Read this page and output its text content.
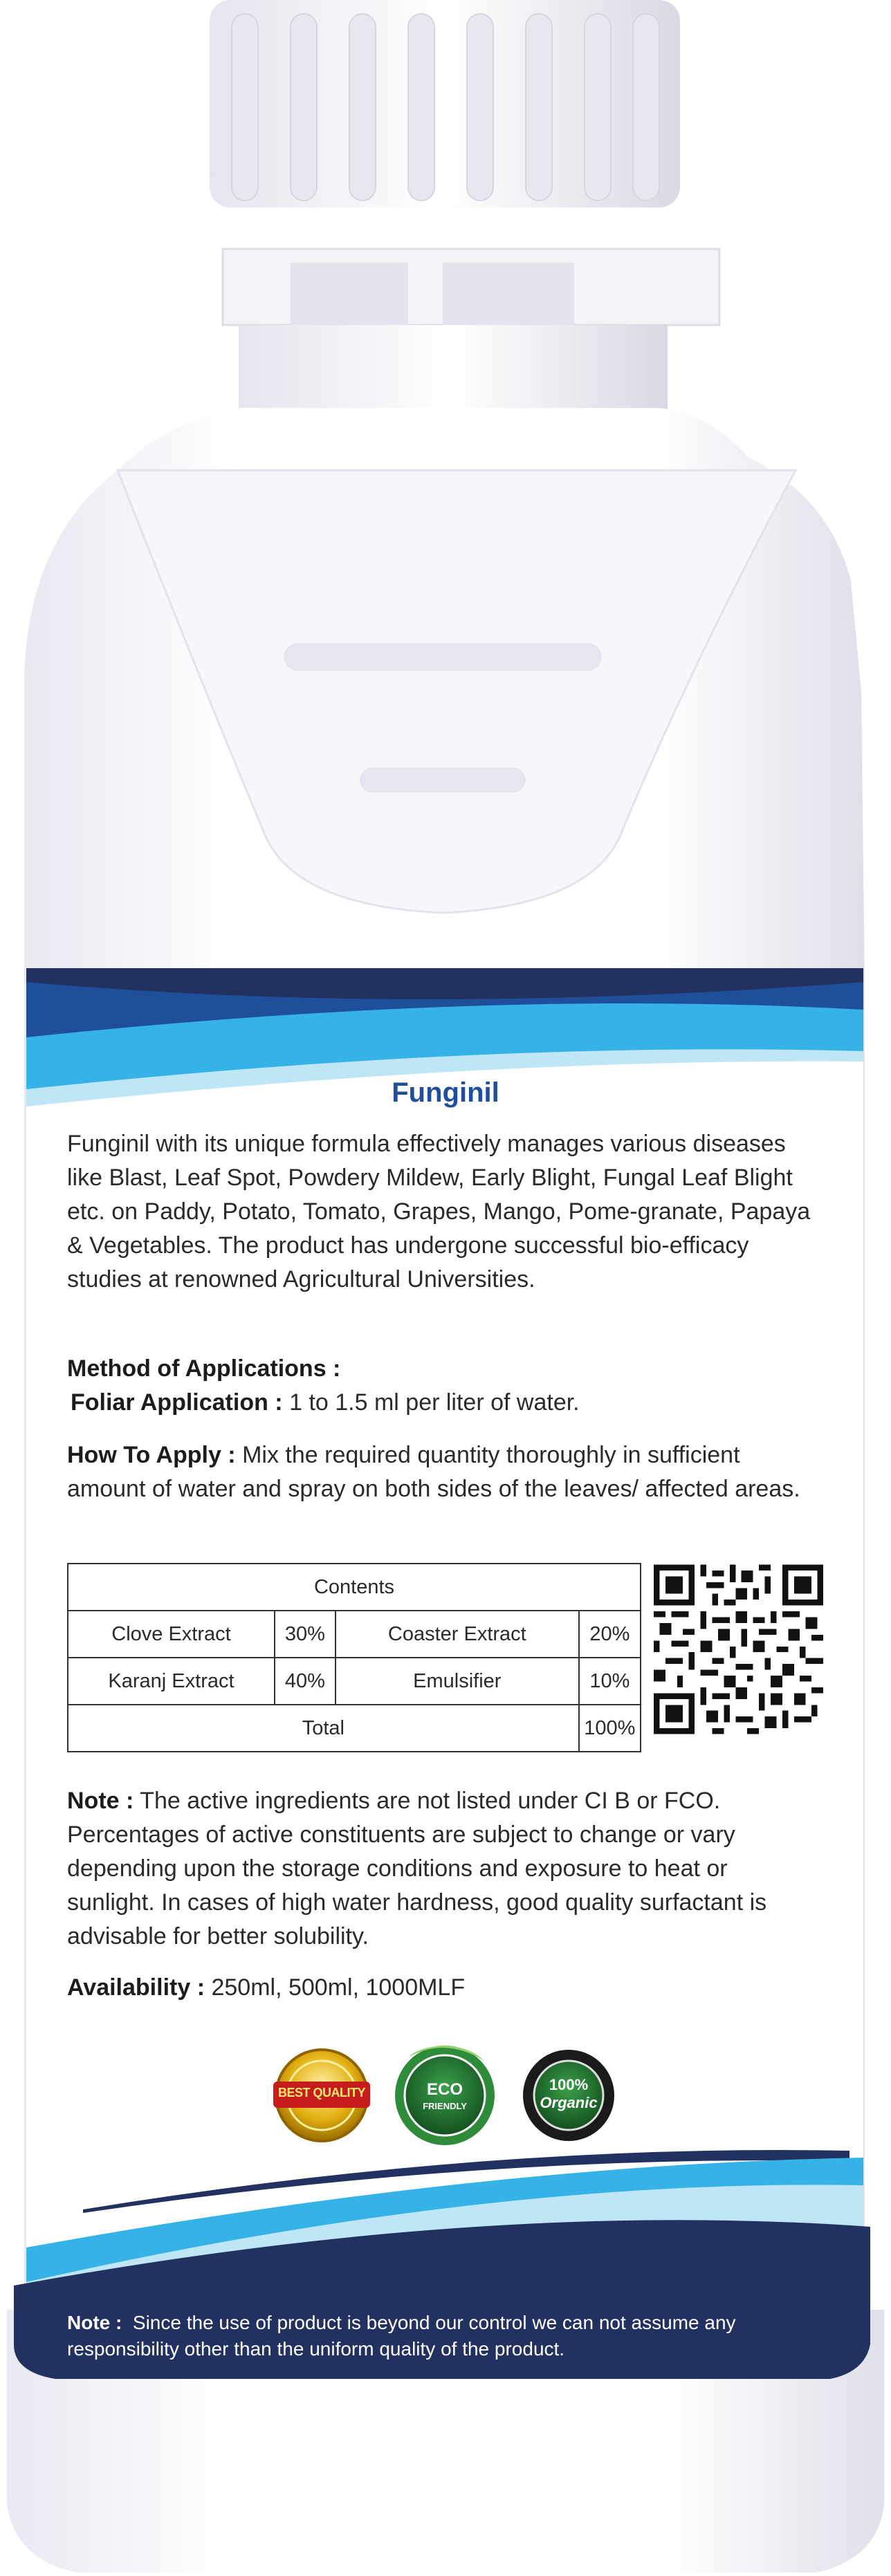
Funginil
Funginil with its unique formula effectively manages various diseases like Blast, Leaf Spot, Powdery Mildew, Early Blight, Fungal Leaf Blight etc. on Paddy, Potato, Tomato, Grapes, Mango, Pome-granate, Papaya & Vegetables. The product has undergone successful bio-efficacy studies at renowned Agricultural Universities.
Method of Applications :
Foliar Application : 1 to 1.5 ml per liter of water.
How To Apply : Mix the required quantity thoroughly in sufficient amount of water and spray on both sides of the leaves/ affected areas.
Contents			
Clove Extract	30%	Coaster Extract	20%
Karanj Extract	40%	Emulsifier	10%
Total			100%
Note : The active ingredients are not listed under CI B or FCO. Percentages of active constituents are subject to change or vary depending upon the storage conditions and exposure to heat or sunlight. In cases of high water hardness, good quality surfactant is advisable for better solubility.
Availability : 250ml, 500ml, 1000MLF
BEST QUALITY	ECO
FRIENDLY
100%
Organic
Note : Since the use of product is beyond our control we can not assume any responsibility other than the uniform quality of the product.
